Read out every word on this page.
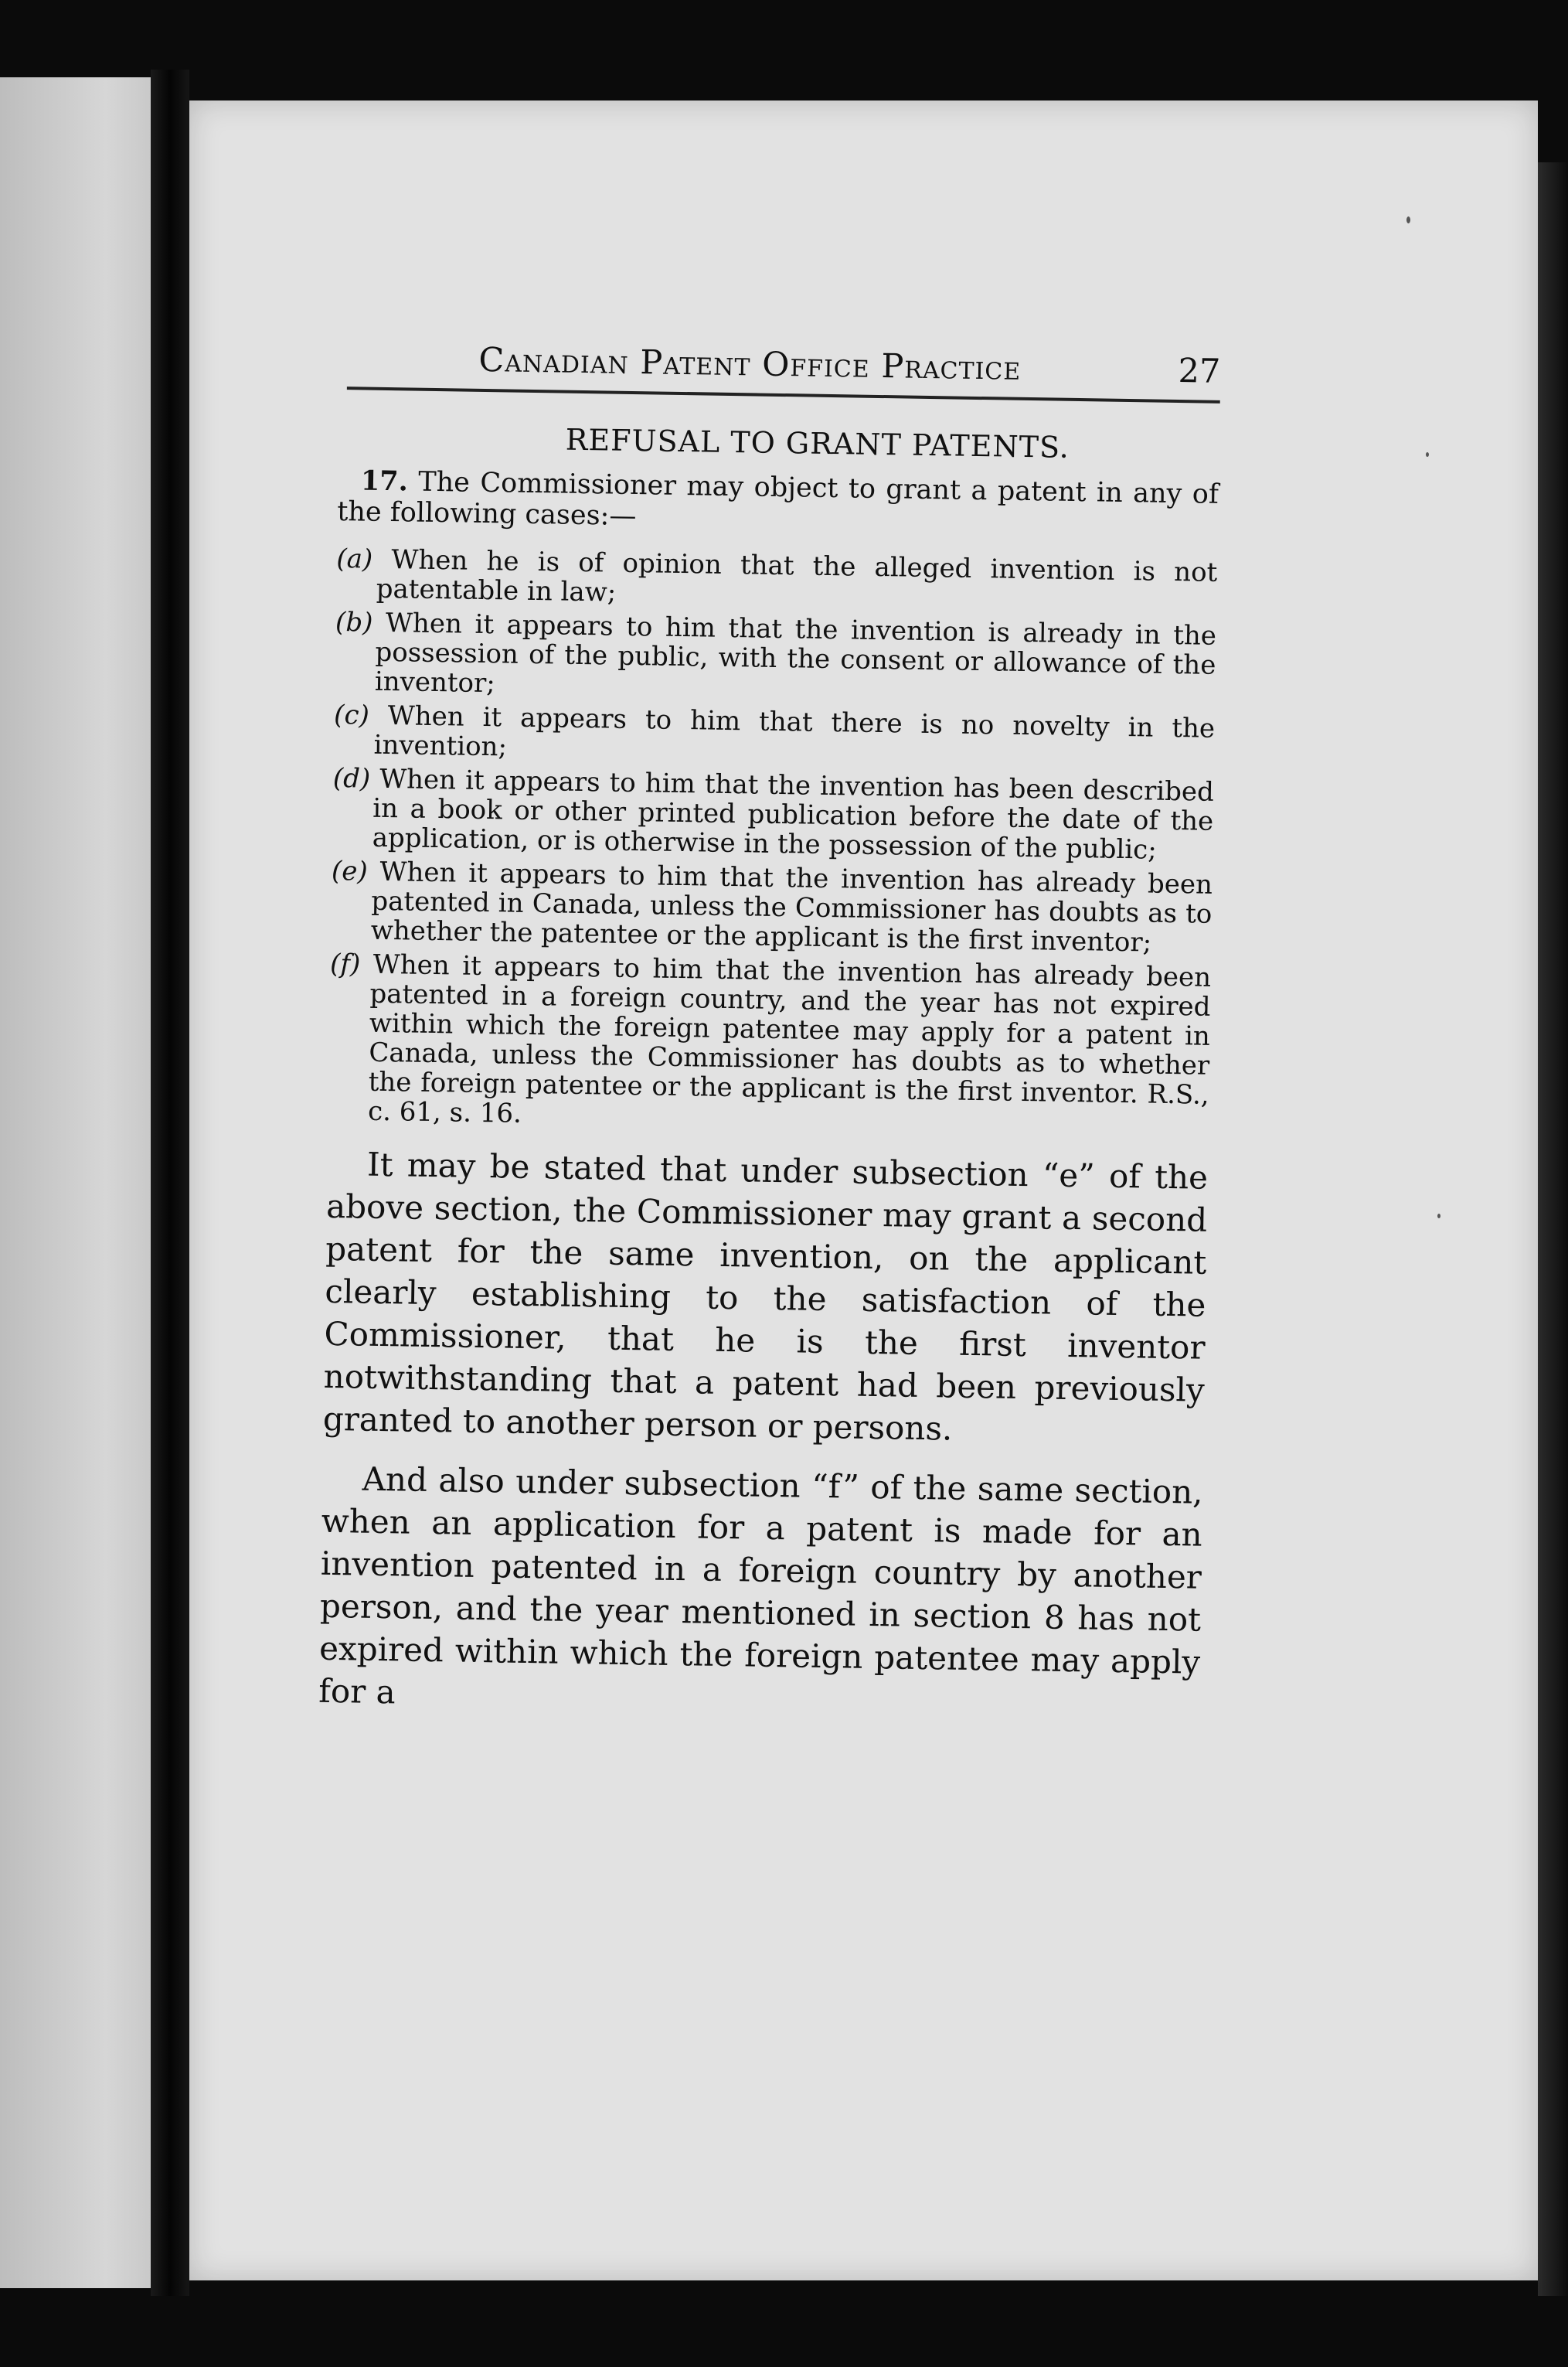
Canadian Patent Office Practice	27
REFUSAL TO GRANT PATENTS.

17. The Commissioner may object to grant a patent in any of the following cases:—

(a) When he is of opinion that the alleged invention is not patentable in law;

(b) When it appears to him that the invention is already in the possession of the public, with the consent or allowance of the inventor;

(c) When it appears to him that there is no novelty in the invention;

(d) When it appears to him that the invention has been described in a book or other printed publication before the date of the application, or is otherwise in the possession of the public;

(e) When it appears to him that the invention has already been patented in Canada, unless the Commissioner has doubts as to whether the patentee or the applicant is the first inventor;

(f) When it appears to him that the invention has already been patented in a foreign country, and the year has not expired within which the foreign patentee may apply for a patent in Canada, unless the Commissioner has doubts as to whether the foreign patentee or the applicant is the first inventor. R.S., c. 61, s. 16.

It may be stated that under subsection “e” of the above section, the Commissioner may grant a second patent for the same invention, on the applicant clearly establishing to the satisfaction of the Commissioner, that he is the first inventor notwithstanding that a patent had been previously granted to another person or persons.

And also under subsection “f” of the same section, when an application for a patent is made for an invention patented in a foreign country by another person, and the year mentioned in section 8 has not expired within which the foreign patentee may apply for a
